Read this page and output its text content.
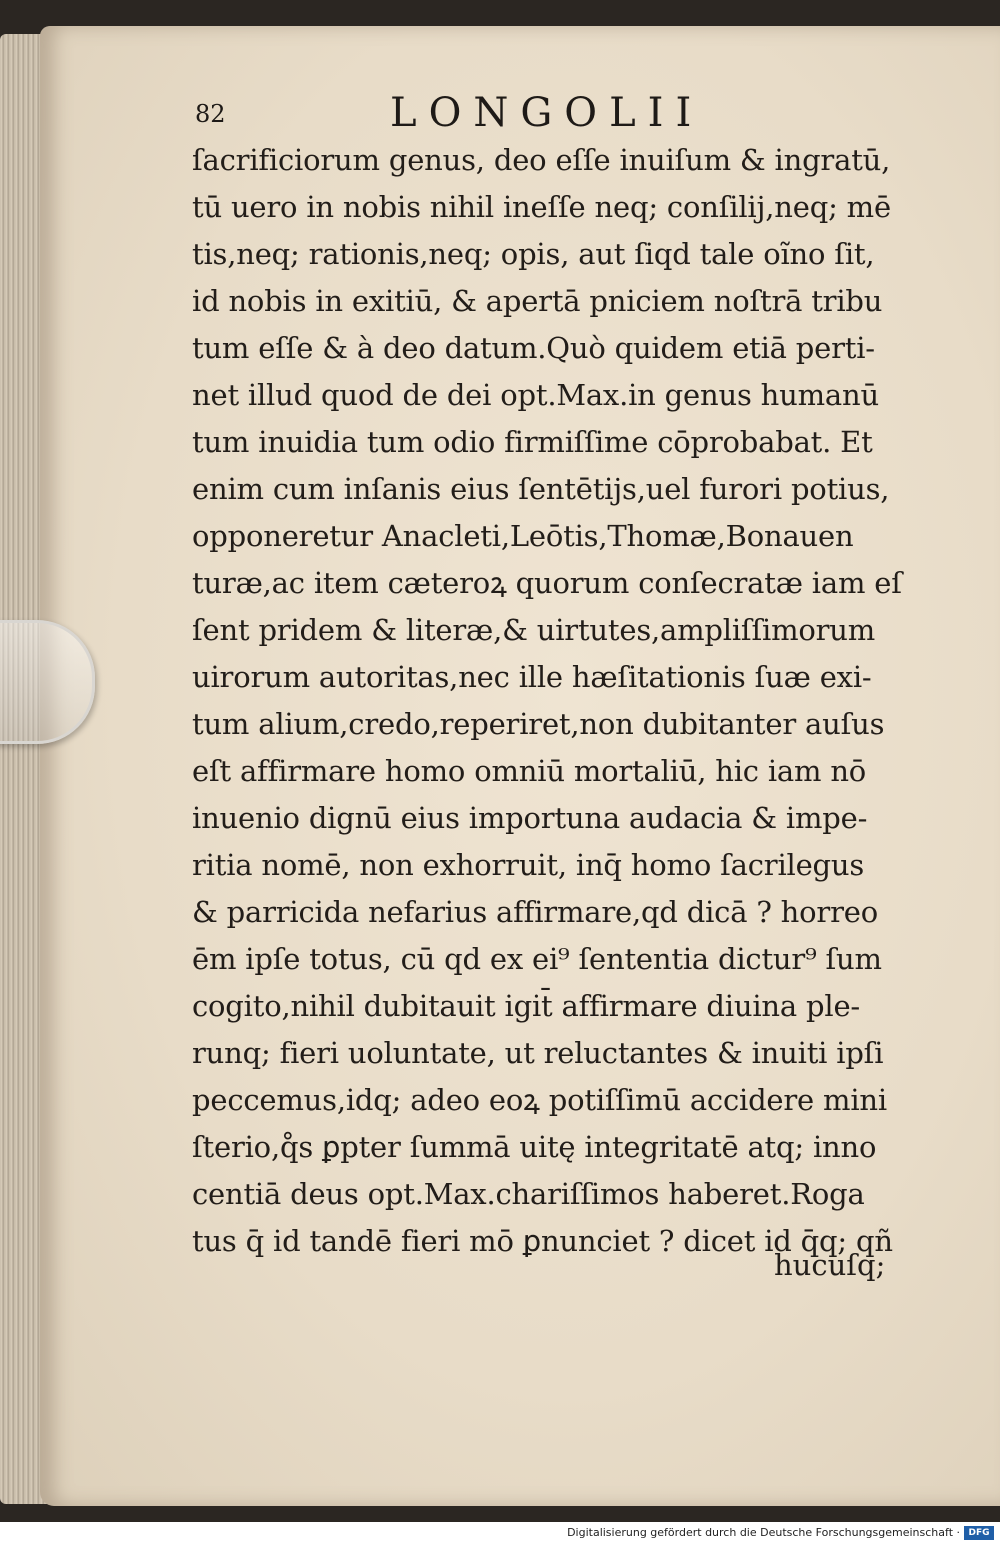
82	LONGOLII
ſacrificiorum genus, deo eſſe inuiſum & ingratū,
tū uero in nobis nihil ineſſe neq; conſilij,neq; mē
tis,neq; rationis,neq; opis, aut ſiqd tale oĩno ſit,
id nobis in exitiū, & apertā pniciem noſtrā tribu
tum eſſe & à deo datum.Quò quidem etiā perti-
net illud quod de dei opt.Max.in genus humanū
tum inuidia tum odio firmiſſime cōprobabat. Et
enim cum inſanis eius ſentētijs,uel furori potius,
opponeretur Anacleti,Leōtis,Thomæ,Bonauen
turæ,ac item cæteroꝝ quorum conſecratæ iam eſ
ſent pridem & literæ,& uirtutes,ampliſſimorum
uirorum autoritas,nec ille hæſitationis ſuæ exi-
tum alium,credo,reperiret,non dubitanter auſus
eſt affirmare homo omniū mortaliū, hic iam nō
inuenio dignū eius importuna audacia & impe-
ritia nomē, non exhorruit, inq̄ homo ſacrilegus
& parricida nefarius affirmare,qd dicā ? horreo
ēm ipſe totus, cū qd ex ei⁹ ſententia dictur⁹ ſum
cogito,nihil dubitauit igit̄ affirmare diuina ple-
runq; fieri uoluntate, ut reluctantes & inuiti ipſi
peccemus,idq; adeo eoꝝ potiſſimū accidere mini
ſterio,q̊s ꝑpter ſummā uitę integritatē atq; inno
centiā deus opt.Max.chariſſimos haberet.Roga
tus q̄ id tandē fieri mō ꝑnunciet ? dicet id q̄q; qñ
hucuſq;
Digitalisierung gefördert durch die Deutsche Forschungsgemeinschaft · DFG
